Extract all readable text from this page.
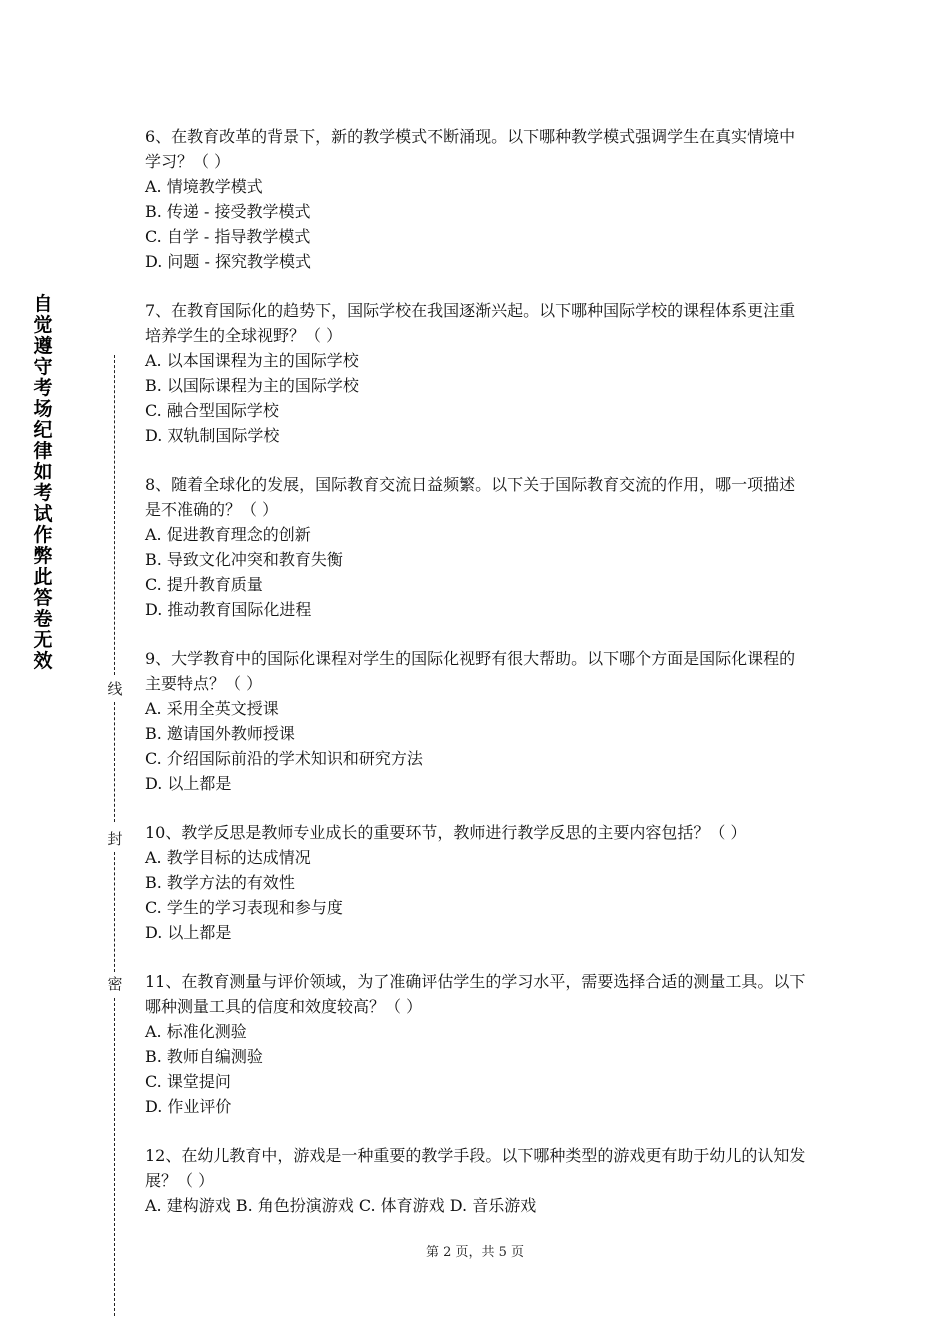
自觉遵守考场纪律如考试作弊此答卷无效
线
封
密

6、在教育改革的背景下，新的教学模式不断涌现。以下哪种教学模式强调学生在真实情境中学习？（ ）

A. 情境教学模式

B. 传递 - 接受教学模式

C. 自学 - 指导教学模式

D. 问题 - 探究教学模式

7、在教育国际化的趋势下，国际学校在我国逐渐兴起。以下哪种国际学校的课程体系更注重培养学生的全球视野？（ ）

A. 以本国课程为主的国际学校

B. 以国际课程为主的国际学校

C. 融合型国际学校

D. 双轨制国际学校

8、随着全球化的发展，国际教育交流日益频繁。以下关于国际教育交流的作用，哪一项描述是不准确的？（ ）

A. 促进教育理念的创新

B. 导致文化冲突和教育失衡

C. 提升教育质量

D. 推动教育国际化进程

9、大学教育中的国际化课程对学生的国际化视野有很大帮助。以下哪个方面是国际化课程的主要特点？（ ）

A. 采用全英文授课

B. 邀请国外教师授课

C. 介绍国际前沿的学术知识和研究方法

D. 以上都是

10、教学反思是教师专业成长的重要环节，教师进行教学反思的主要内容包括？（ ）

A. 教学目标的达成情况

B. 教学方法的有效性

C. 学生的学习表现和参与度

D. 以上都是

11、在教育测量与评价领域，为了准确评估学生的学习水平，需要选择合适的测量工具。以下哪种测量工具的信度和效度较高？（ ）

A. 标准化测验

B. 教师自编测验

C. 课堂提问

D. 作业评价

12、在幼儿教育中，游戏是一种重要的教学手段。以下哪种类型的游戏更有助于幼儿的认知发展？（ ）

A. 建构游戏 B. 角色扮演游戏 C. 体育游戏 D. 音乐游戏

第 2 页，共 5 页
